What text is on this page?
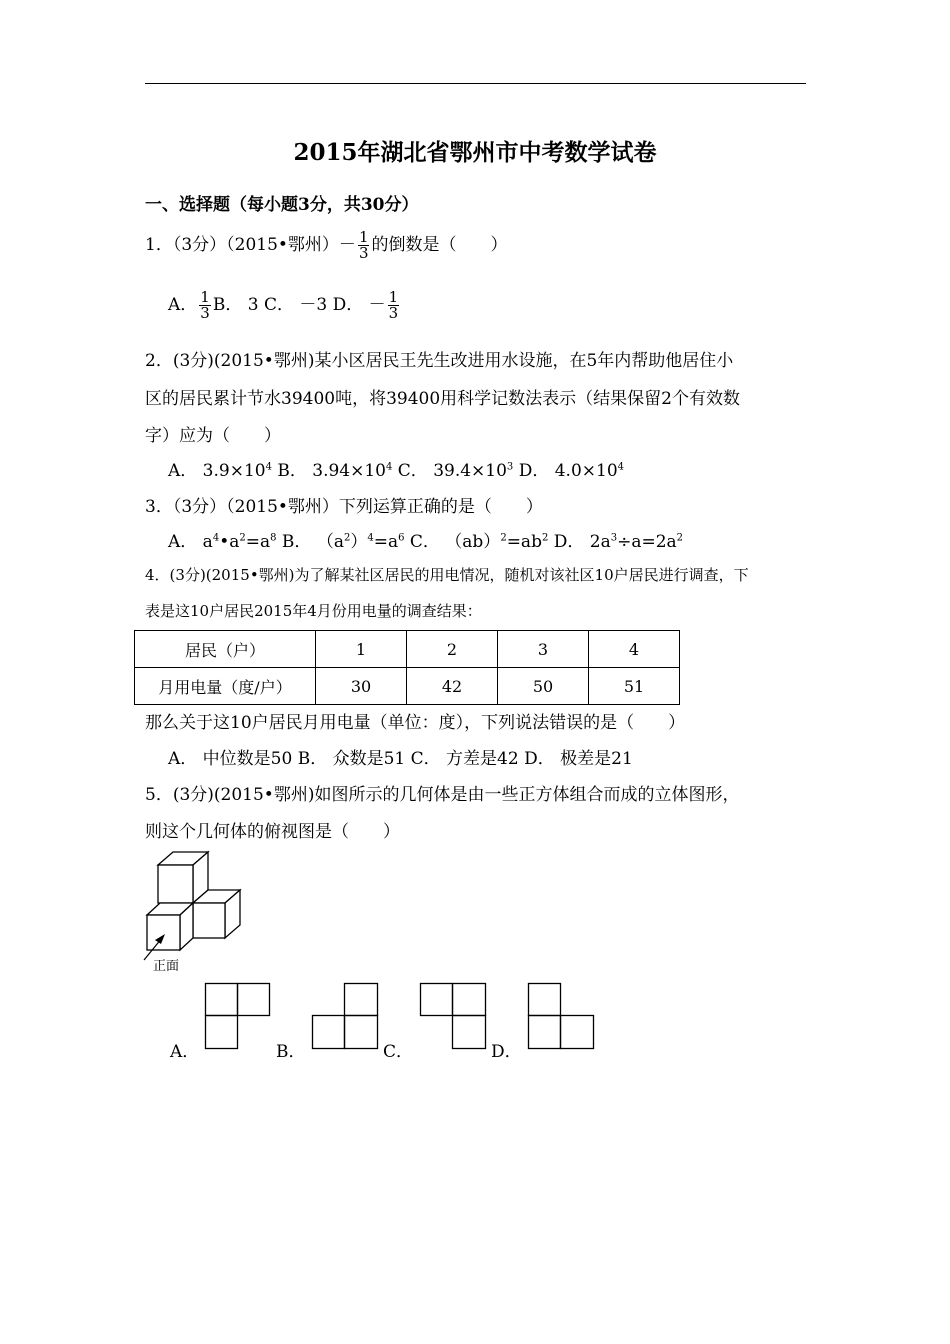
2015年湖北省鄂州市中考数学试卷
一、选择题（每小题3分，共30分）
1．（3分）（2015•鄂州）－ $\frac{1}{3}$ 的倒数是（　　）
A． $\frac{1}{3}$ B． 3 C． －3 D． － $\frac{1}{3}$
2．(3分)(2015•鄂州)某小区居民王先生改进用水设施，在5年内帮助他居住小
区的居民累计节水39400吨，将39400用科学记数法表示（结果保留2个有效数
字）应为（　　）
A． $3.9\times 10^4$ B． $3.94\times 10^4$ C． $39.4\times 10^3$ D． $4.0\times 10^4$
3．（3分）（2015•鄂州）下列运算正确的是（　　）
A． $a^4•a^2=a^8$ B． $(a^2)^4=a^6$ C． $(ab)^2=ab^2$ D． $2a^3\div a=2a^2$
4．(3分)(2015•鄂州)为了解某社区居民的用电情况，随机对该社区10户居民进行调查，下
表是这10户居民2015年4月份用电量的调查结果：
居民（户）	1	2	3	4
月用电量（度/户）	30	42	50	51
那么关于这10户居民月用电量（单位：度），下列说法错误的是（　　）
A． 中位数是50 B． 众数是51 C． 方差是42 D． 极差是21
5．(3分)(2015•鄂州)如图所示的几何体是由一些正方体组合而成的立体图形，
则这个几何体的俯视图是（　　）
正面
A．	B．	C．	D．
